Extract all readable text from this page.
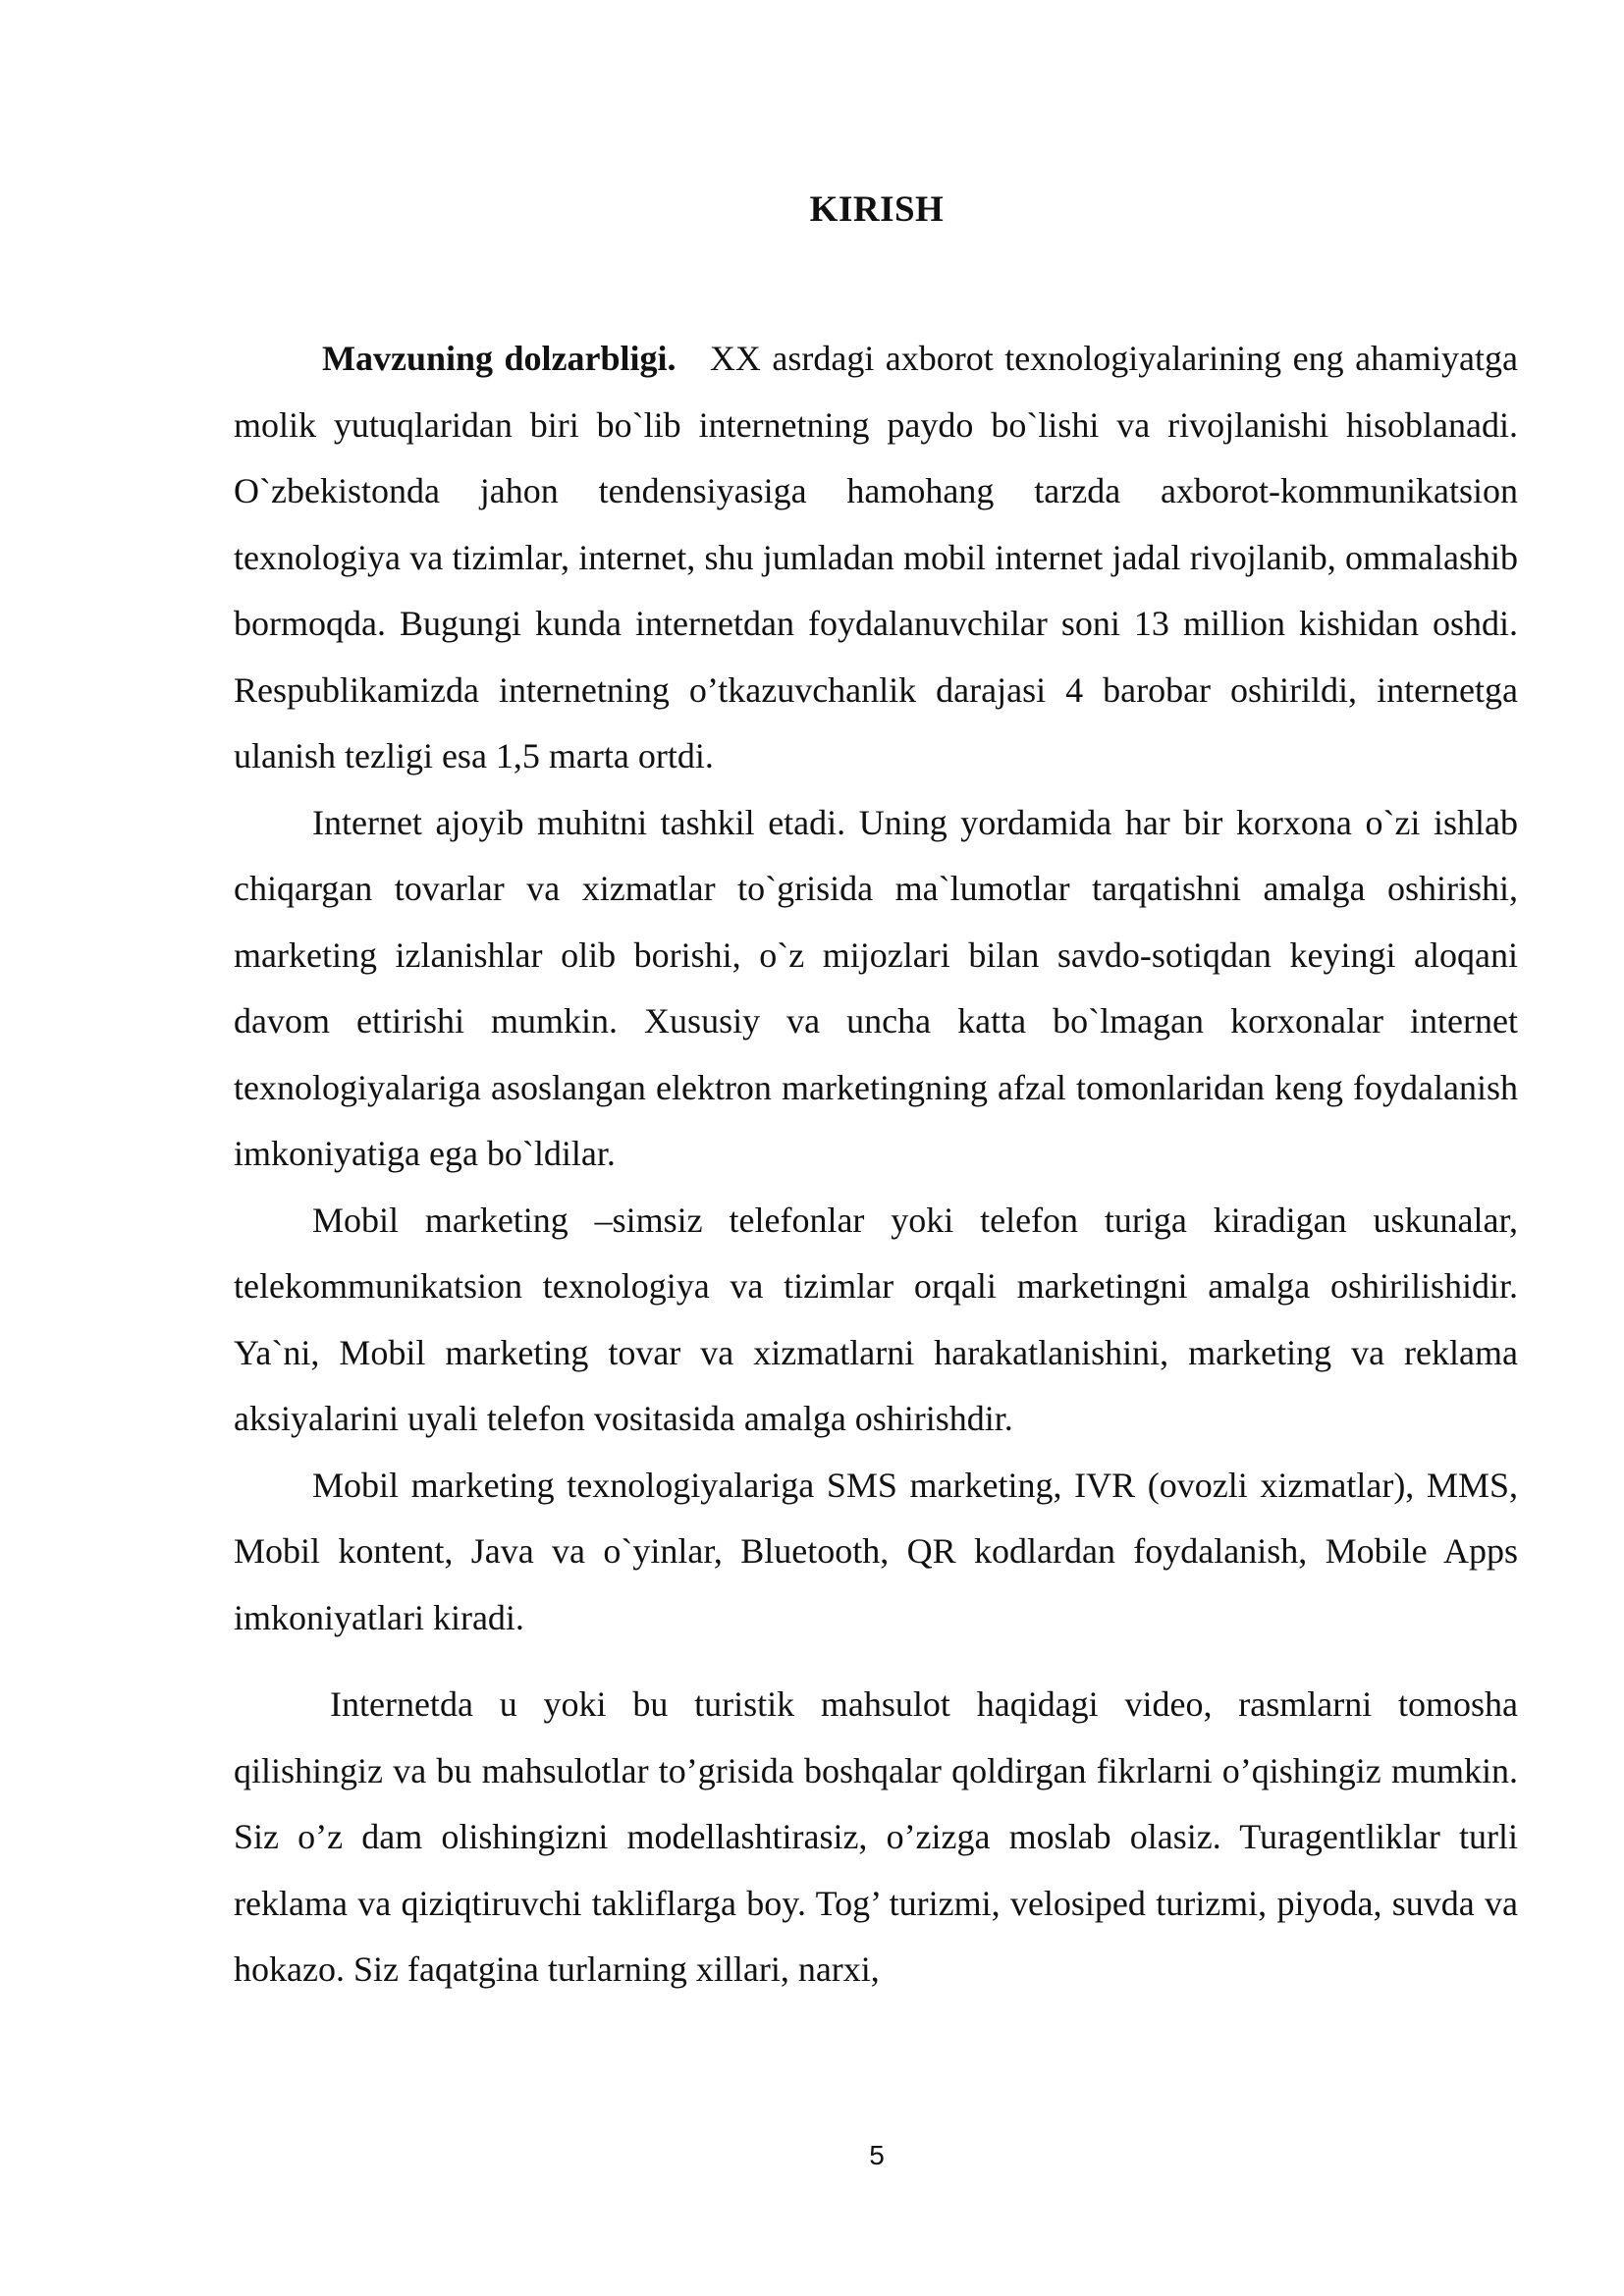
KIRISH

Mavzuning dolzarbligi. XX asrdagi axborot texnologiyalarining eng ahamiyatga molik yutuqlaridan biri bo`lib internetning paydo bo`lishi va rivojlanishi hisoblanadi. O`zbekistonda jahon tendensiyasiga hamohang tarzda axborot-kommunikatsion texnologiya va tizimlar, internet, shu jumladan mobil internet jadal rivojlanib, ommalashib bormoqda. Bugungi kunda internetdan foydalanuvchilar soni 13 million kishidan oshdi. Respublikamizda internetning o’tkazuvchanlik darajasi 4 barobar oshirildi, internetga ulanish tezligi esa 1,5 marta ortdi.

Internet ajoyib muhitni tashkil etadi. Uning yordamida har bir korxona o`zi ishlab chiqargan tovarlar va xizmatlar to`grisida ma`lumotlar tarqatishni amalga oshirishi, marketing izlanishlar olib borishi, o`z mijozlari bilan savdo-sotiqdan keyingi aloqani davom ettirishi mumkin. Xususiy va uncha katta bo`lmagan korxonalar internet texnologiyalariga asoslangan elektron marketingning afzal tomonlaridan keng foydalanish imkoniyatiga ega bo`ldilar.

Mobil marketing –simsiz telefonlar yoki telefon turiga kiradigan uskunalar, telekommunikatsion texnologiya va tizimlar orqali marketingni amalga oshirilishidir. Ya`ni, Mobil marketing tovar va xizmatlarni harakatlanishini, marketing va reklama aksiyalarini uyali telefon vositasida amalga oshirishdir.

Mobil marketing texnologiyalariga SMS marketing, IVR (ovozli xizmatlar), MMS, Mobil kontent, Java va o`yinlar, Bluetooth, QR kodlardan foydalanish, Mobile Apps imkoniyatlari kiradi.

Internetda u yoki bu turistik mahsulot haqidagi video, rasmlarni tomosha qilishingiz va bu mahsulotlar to’grisida boshqalar qoldirgan fikrlarni o’qishingiz mumkin. Siz o’z dam olishingizni modellashtirasiz, o’zizga moslab olasiz. Turagentliklar turli reklama va qiziqtiruvchi takliflarga boy. Tog’ turizmi, velosiped turizmi, piyoda, suvda va hokazo. Siz faqatgina turlarning xillari, narxi,

5
